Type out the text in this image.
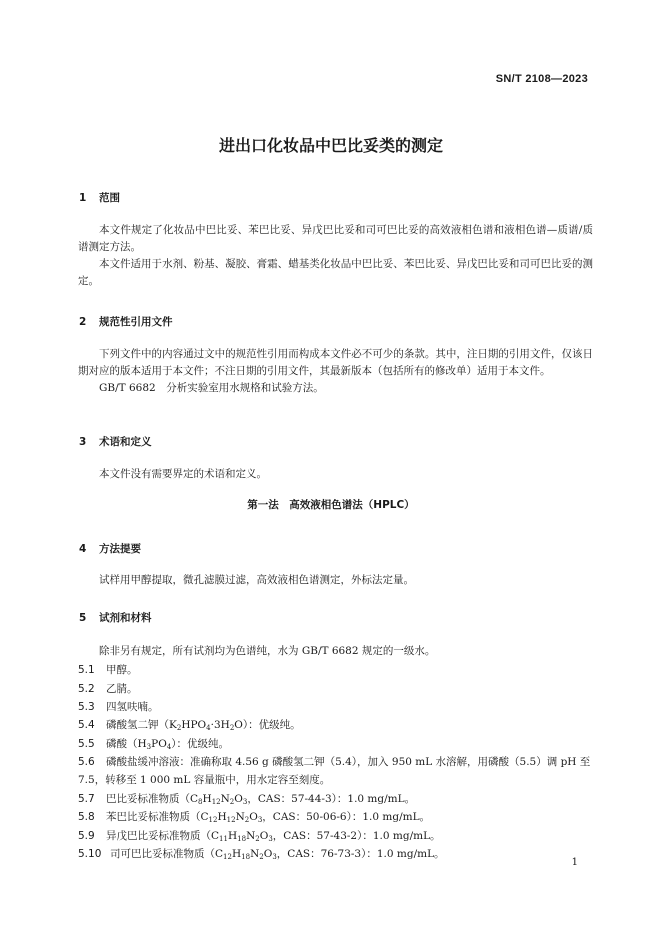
SN/T 2108—2023
进出口化妆品中巴比妥类的测定
1 范围

本文件规定了化妆品中巴比妥、苯巴比妥、异戊巴比妥和司可巴比妥的高效液相色谱和液相色谱—质谱/质谱测定方法。

本文件适用于水剂、粉基、凝胶、膏霜、蜡基类化妆品中巴比妥、苯巴比妥、异戊巴比妥和司可巴比妥的测定。

2 规范性引用文件

下列文件中的内容通过文中的规范性引用而构成本文件必不可少的条款。其中，注日期的引用文件，仅该日期对应的版本适用于本文件；不注日期的引用文件，其最新版本（包括所有的修改单）适用于本文件。

GB/T 6682　分析实验室用水规格和试验方法。

3 术语和定义

本文件没有需要界定的术语和定义。

第一法　高效液相色谱法（HPLC）
4 方法提要

试样用甲醇提取，微孔滤膜过滤，高效液相色谱测定，外标法定量。

5 试剂和材料

除非另有规定，所有试剂均为色谱纯，水为 GB/T 6682 规定的一级水。

5.1 甲醇。
5.2 乙腈。
5.3 四氢呋喃。
5.4 磷酸氢二钾$(K_2HPO_4\cdot 3H_2O)$：优级纯。
5.5 磷酸$(H_3PO_4)$：优级纯。
5.6 磷酸盐缓冲溶液：准确称取 4.56 g 磷酸氢二钾（5.4），加入 950 mL 水溶解，用磷酸（5.5）调 pH 至
7.5，转移至 1 000 mL 容量瓶中，用水定容至刻度。
5.7 巴比妥标准物质（$C_8H_{12}N_2O_3$，CAS：57-44-3）：1.0 mg/mL。
5.8 苯巴比妥标准物质（$C_{12}H_{12}N_2O_3$，CAS：50-06-6）：1.0 mg/mL。
5.9 异戊巴比妥标准物质（$C_{11}H_{18}N_2O_3$，CAS：57-43-2）：1.0 mg/mL。
5.10 司可巴比妥标准物质（$C_{12}H_{18}N_2O_3$，CAS：76-73-3）：1.0 mg/mL。
1
